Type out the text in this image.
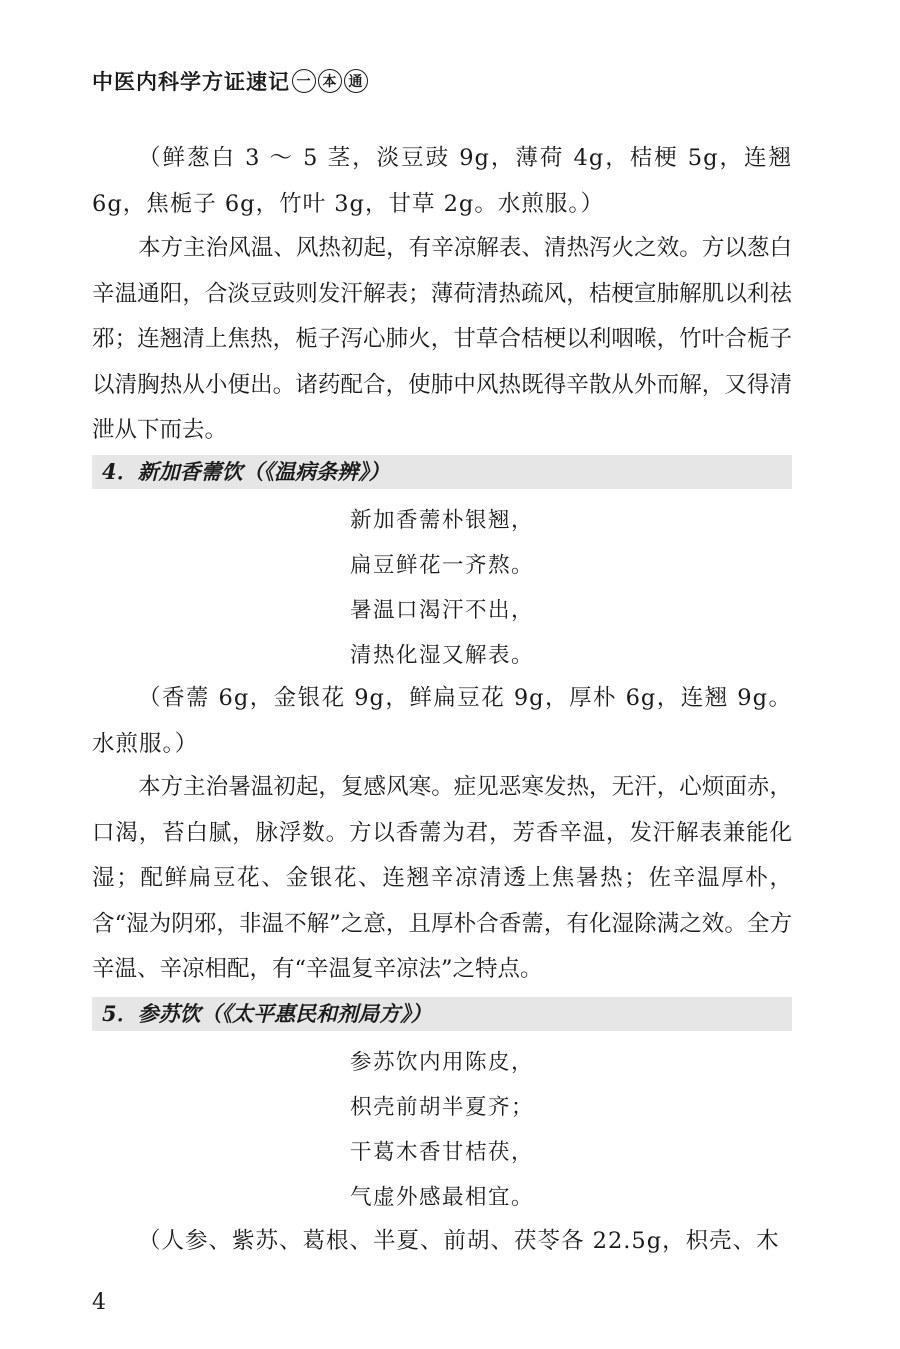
中医内科学方证速记 一 本 通

（鲜葱白 3 ～ 5 茎，淡豆豉 9g，薄荷 4g，桔梗 5g，连翘 6g，焦栀子 6g，竹叶 3g，甘草 2g。水煎服。）

本方主治风温、风热初起，有辛凉解表、清热泻火之效。方以葱白辛温通阳，合淡豆豉则发汗解表；薄荷清热疏风，桔梗宣肺解肌以利祛邪；连翘清上焦热，栀子泻心肺火，甘草合桔梗以利咽喉，竹叶合栀子以清胸热从小便出。诸药配合，使肺中风热既得辛散从外而解，又得清泄从下而去。

4．新加香薷饮（《温病条辨》）
新加香薷朴银翘，
扁豆鲜花一齐熬。
暑温口渴汗不出，
清热化湿又解表。

（香薷 6g，金银花 9g，鲜扁豆花 9g，厚朴 6g，连翘 9g。水煎服。）

本方主治暑温初起，复感风寒。症见恶寒发热，无汗，心烦面赤，口渴，苔白腻，脉浮数。方以香薷为君，芳香辛温，发汗解表兼能化湿；配鲜扁豆花、金银花、连翘辛凉清透上焦暑热；佐辛温厚朴，含“湿为阴邪，非温不解”之意，且厚朴合香薷，有化湿除满之效。全方辛温、辛凉相配，有“辛温复辛凉法”之特点。

5．参苏饮（《太平惠民和剂局方》）
参苏饮内用陈皮，
枳壳前胡半夏齐；
干葛木香甘桔茯，
气虚外感最相宜。

（人参、紫苏、葛根、半夏、前胡、茯苓各 22.5g，枳壳、木

4
